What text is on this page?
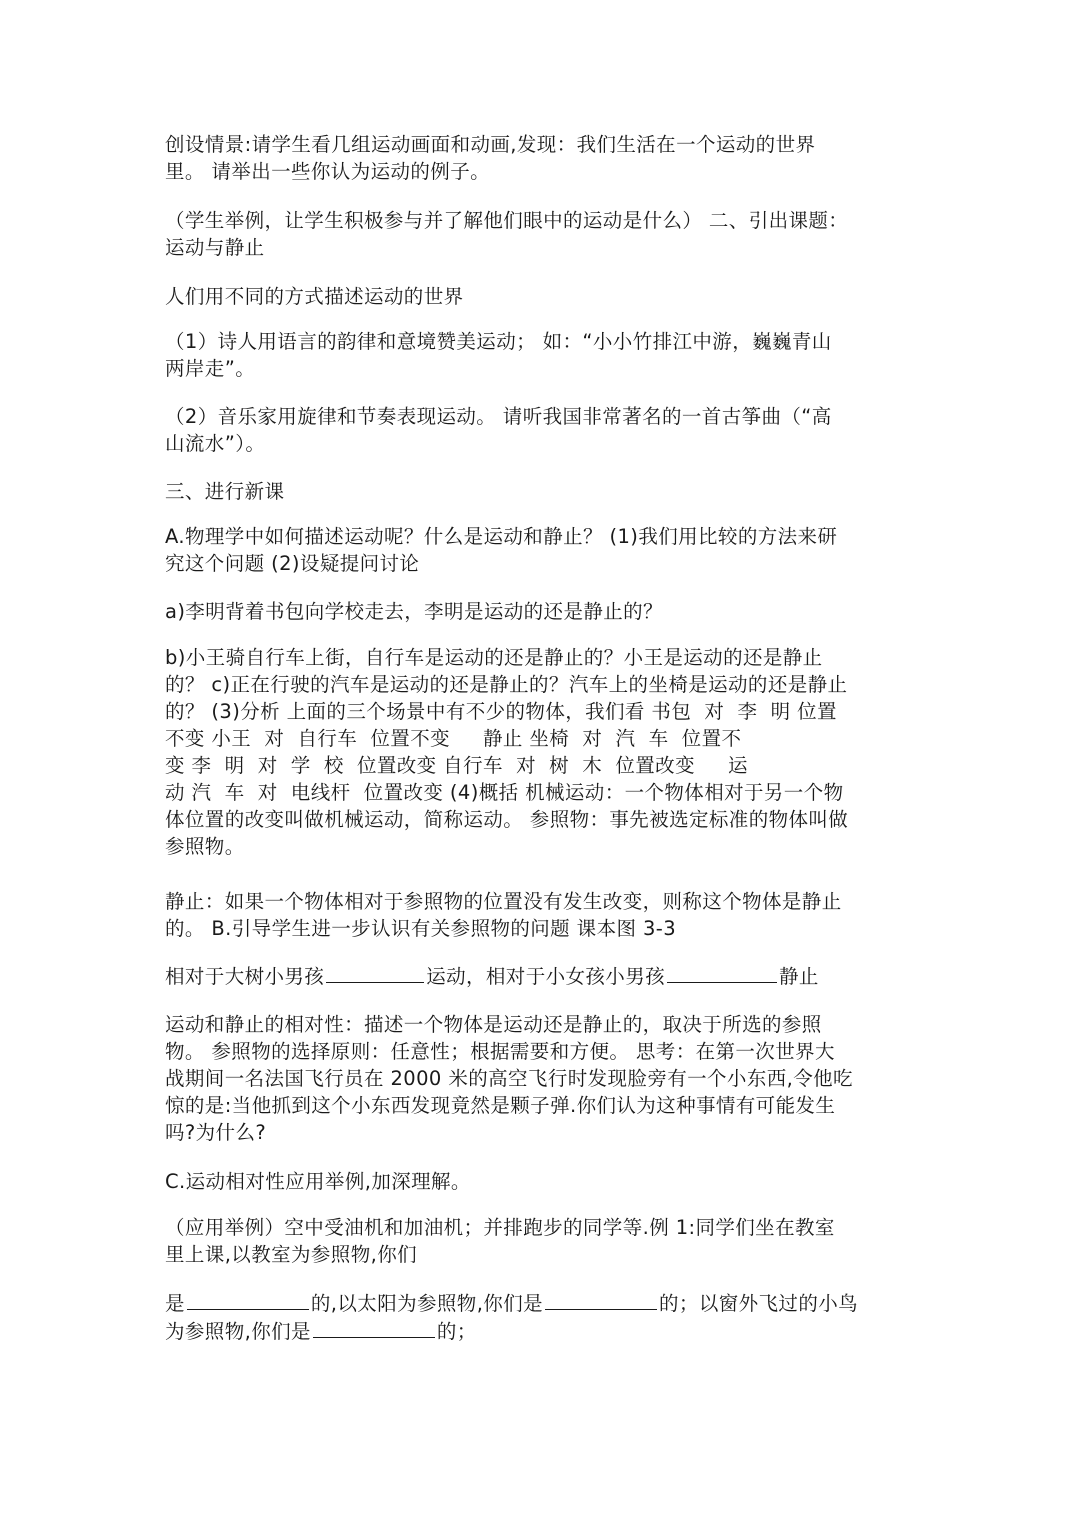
创设情景:请学生看几组运动画面和动画,发现：我们生活在一个运动的世界
里。 请举出一些你认为运动的例子。
（学生举例，让学生积极参与并了解他们眼中的运动是什么） 二、引出课题：
运动与静止
人们用不同的方式描述运动的世界
（1）诗人用语言的韵律和意境赞美运动； 如：“小小竹排江中游，巍巍青山
两岸走”。
（2）音乐家用旋律和节奏表现运动。 请听我国非常著名的一首古筝曲（“高
山流水”）。
三、进行新课
A.物理学中如何描述运动呢？什么是运动和静止？ (1)我们用比较的方法来研
究这个问题 (2)设疑提问讨论
a)李明背着书包向学校走去，李明是运动的还是静止的？
b)小王骑自行车上街，自行车是运动的还是静止的？小王是运动的还是静止
的？ c)正在行驶的汽车是运动的还是静止的？汽车上的坐椅是运动的还是静止
的？ (3)分析 上面的三个场景中有不少的物体，我们看 书包  对  李  明 位置
不变 小王  对  自行车  位置不变     静止 坐椅  对  汽  车  位置不
变 李  明  对  学  校  位置改变 自行车  对  树  木  位置改变     运
动 汽  车  对  电线杆  位置改变 (4)概括 机械运动：一个物体相对于另一个物
体位置的改变叫做机械运动，简称运动。 参照物：事先被选定标准的物体叫做
参照物。
静止：如果一个物体相对于参照物的位置没有发生改变，则称这个物体是静止
的。 B.引导学生进一步认识有关参照物的问题 课本图 3-3
相对于大树小男孩	运动，相对于小女孩小男孩	静止
运动和静止的相对性：描述一个物体是运动还是静止的，取决于所选的参照
物。 参照物的选择原则：任意性；根据需要和方便。 思考：在第一次世界大
战期间一名法国飞行员在 2000 米的高空飞行时发现脸旁有一个小东西,令他吃
惊的是:当他抓到这个小东西发现竟然是颗子弹.你们认为这种事情有可能发生
吗?为什么?
C.运动相对性应用举例,加深理解。
（应用举例）空中受油机和加油机；并排跑步的同学等.例 1:同学们坐在教室
里上课,以教室为参照物,你们
是	的,以太阳为参照物,你们是	的；以窗外飞过的小鸟
为参照物,你们是	的；
